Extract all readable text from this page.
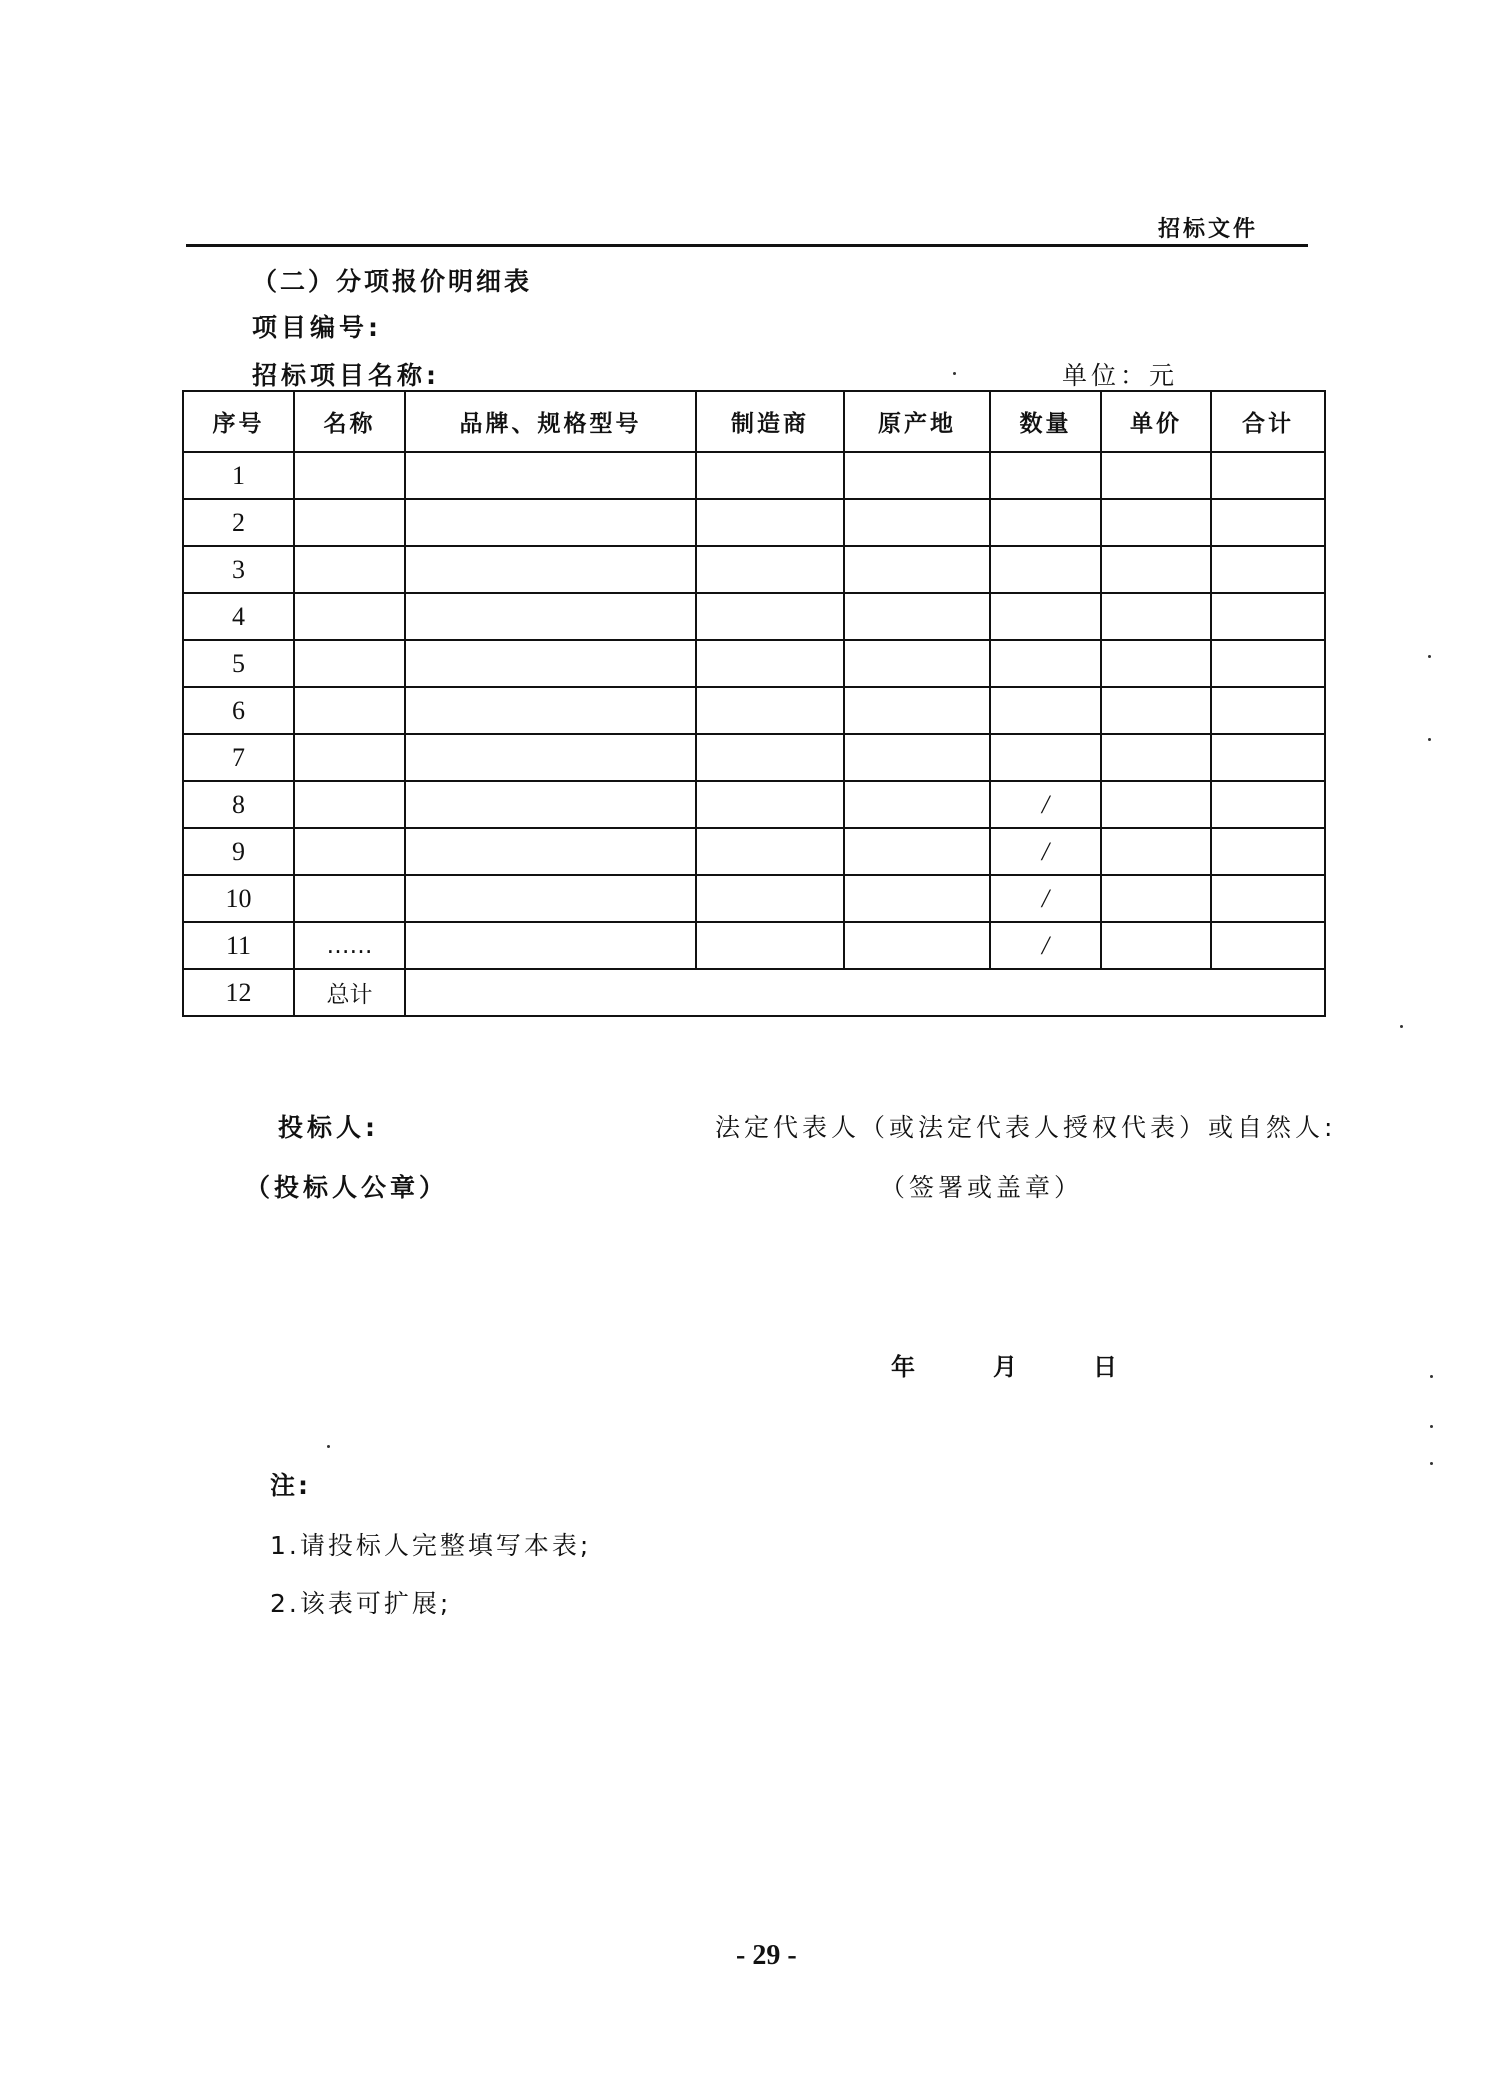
招标文件
（二）分项报价明细表
项目编号:
招标项目名称:	单位：元
序号	名称	品牌、规格型号	制造商	原产地	数量	单价	合计
1							
2							
3							
4							
5							
6							
7							
8					/		
9					/		
10					/		
11	……				/		
12	总计						
投标人:
（投标人公章）
法定代表人（或法定代表人授权代表）或自然人:
（签署或盖章）
年	月	日
注:
1.请投标人完整填写本表;
2.该表可扩展;
- 29 -
